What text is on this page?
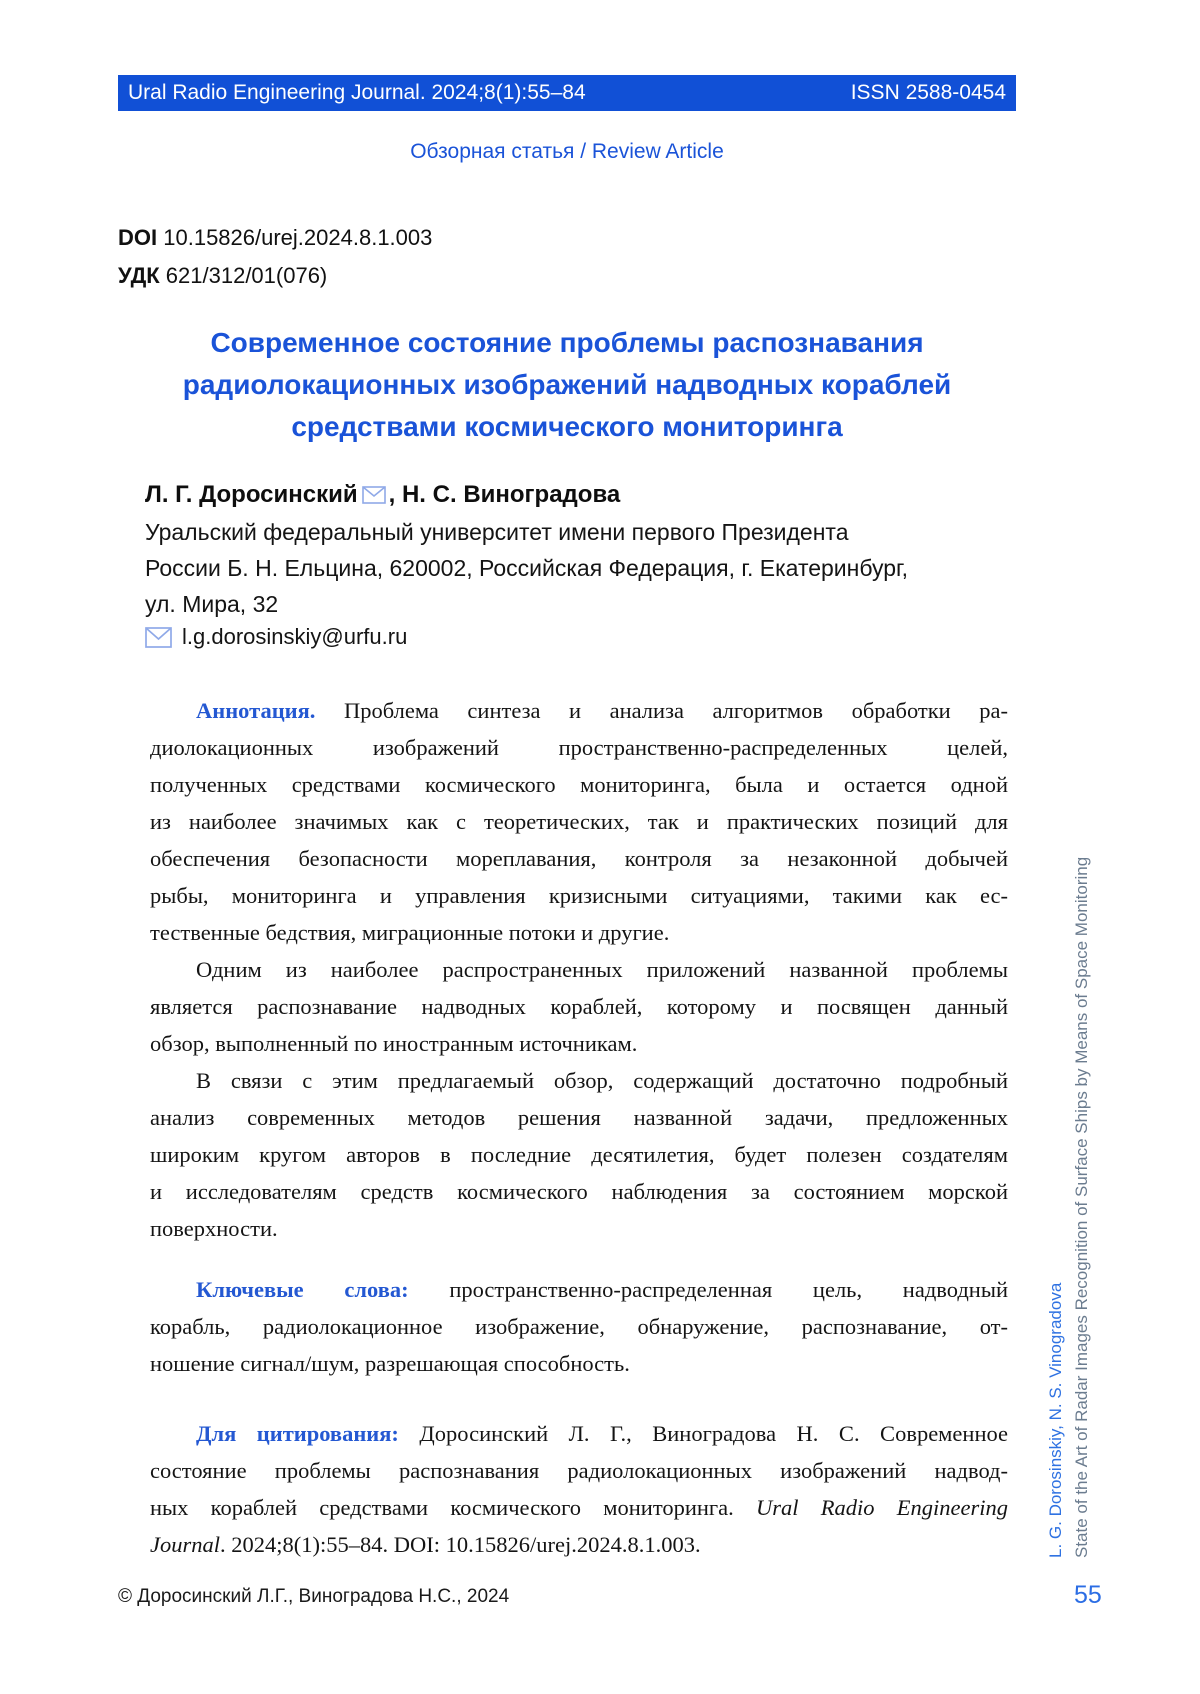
Ural Radio Engineering Journal. 2024;8(1):55–84	ISSN 2588-0454
Обзорная статья / Review Article
DOI 10.15826/urej.2024.8.1.003
УДК 621/312/01(076)
Современное состояние проблемы распознавания
радиолокационных изображений надводных кораблей
средствами космического мониторинга
Л. Г. Доросинский , Н. С. Виноградова
Уральский федеральный университет имени первого Президента
России Б. Н. Ельцина, 620002, Российская Федерация, г. Екатеринбург,
ул. Мира, 32
l.g.dorosinskiy@urfu.ru
Аннотация. Проблема синтеза и анализа алгоритмов обработки ра-
диолокационных изображений пространственно-распределенных целей,
полученных средствами космического мониторинга, была и остается одной
из наиболее значимых как с теоретических, так и практических позиций для
обеспечения безопасности мореплавания, контроля за незаконной добычей
рыбы, мониторинга и управления кризисными ситуациями, такими как ес-
тественные бедствия, миграционные потоки и другие.
Одним из наиболее распространенных приложений названной проблемы
является распознавание надводных кораблей, которому и посвящен данный
обзор, выполненный по иностранным источникам.
В связи с этим предлагаемый обзор, содержащий достаточно подробный
анализ современных методов решения названной задачи, предложенных
широким кругом авторов в последние десятилетия, будет полезен создателям
и исследователям средств космического наблюдения за состоянием морской
поверхности.
Ключевые слова: пространственно-распределенная цель, надводный
корабль, радиолокационное изображение, обнаружение, распознавание, от-
ношение сигнал/шум, разрешающая способность.
Для цитирования: Доросинский Л. Г., Виноградова Н. С. Современное
состояние проблемы распознавания радиолокационных изображений надвод-
ных кораблей средствами космического мониторинга. Ural Radio Engineering
Journal. 2024;8(1):55–84. DOI: 10.15826/urej.2024.8.1.003.	L. G. Dorosinskiy, N. S. Vinogradova State of the Art of Radar Images Recognition of Surface Ships by Means of Space Monitoring
© Доросинский Л.Г., Виноградова Н.С., 2024	55
